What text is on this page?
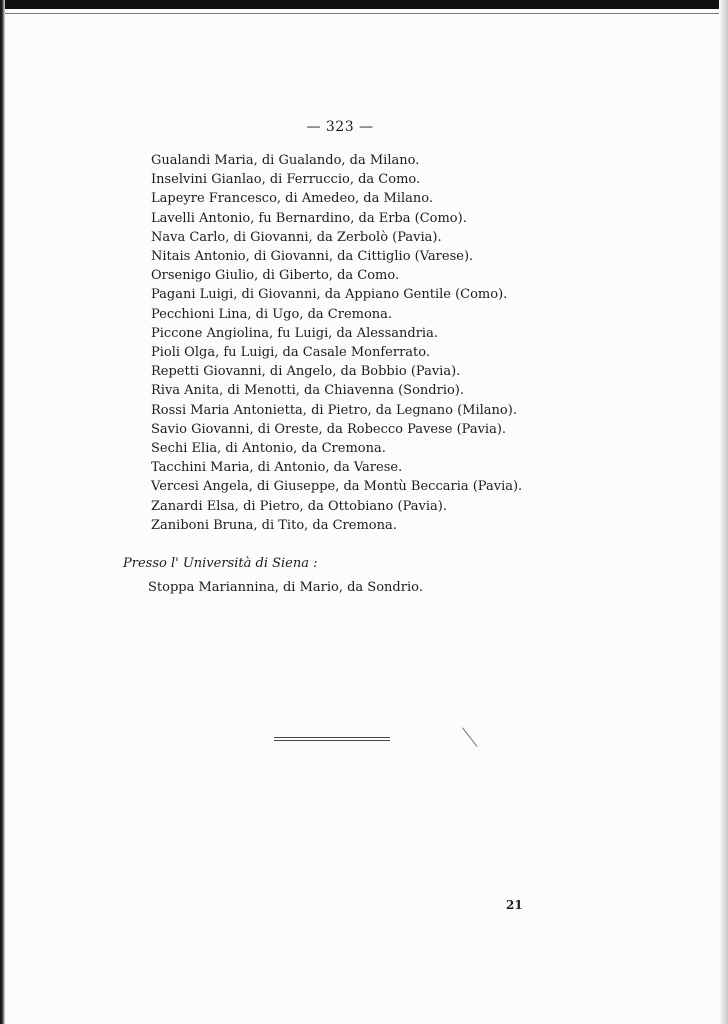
— 323 —
Gualandi Maria, di Gualando, da Milano.
Inselvini Gianlao, di Ferruccio, da Como.
Lapeyre Francesco, di Amedeo, da Milano.
Lavelli Antonio, fu Bernardino, da Erba (Como).
Nava Carlo, di Giovanni, da Zerbolò (Pavia).
Nitais Antonio, di Giovanni, da Cittiglio (Varese).
Orsenigo Giulio, di Giberto, da Como.
Pagani Luigi, di Giovanni, da Appiano Gentile (Como).
Pecchioni Lina, di Ugo, da Cremona.
Piccone Angiolina, fu Luigi, da Alessandria.
Pioli Olga, fu Luigi, da Casale Monferrato.
Repetti Giovanni, di Angelo, da Bobbio (Pavia).
Riva Anita, di Menotti, da Chiavenna (Sondrio).
Rossi Maria Antonietta, di Pietro, da Legnano (Milano).
Savio Giovanni, di Oreste, da Robecco Pavese (Pavia).
Sechi Elia, di Antonio, da Cremona.
Tacchini Maria, di Antonio, da Varese.
Vercesi Angela, di Giuseppe, da Montù Beccaria (Pavia).
Zanardi Elsa, di Pietro, da Ottobiano (Pavia).
Zaniboni Bruna, di Tito, da Cremona.
Presso l' Università di Siena :
Stoppa Mariannina, di Mario, da Sondrio.
21
